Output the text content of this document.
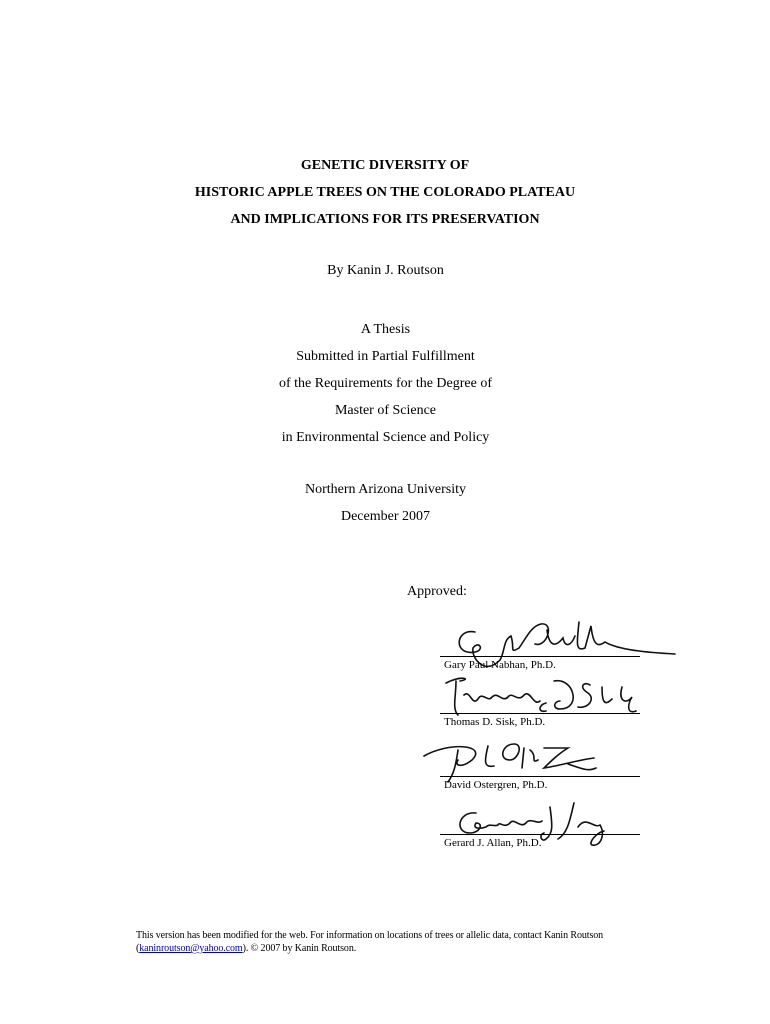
GENETIC DIVERSITY OF
HISTORIC APPLE TREES ON THE COLORADO PLATEAU
AND IMPLICATIONS FOR ITS PRESERVATION
By Kanin J. Routson
A Thesis
Submitted in Partial Fulfillment
of the Requirements for the Degree of
Master of Science
in Environmental Science and Policy
Northern Arizona University
December 2007
Approved:
Gary Paul Nabhan, Ph.D.
Thomas D. Sisk, Ph.D.
David Ostergren, Ph.D.
Gerard J. Allan, Ph.D.
This version has been modified for the web. For information on locations of trees or allelic data, contact Kanin Routson (kaninroutson@yahoo.com). © 2007 by Kanin Routson.
